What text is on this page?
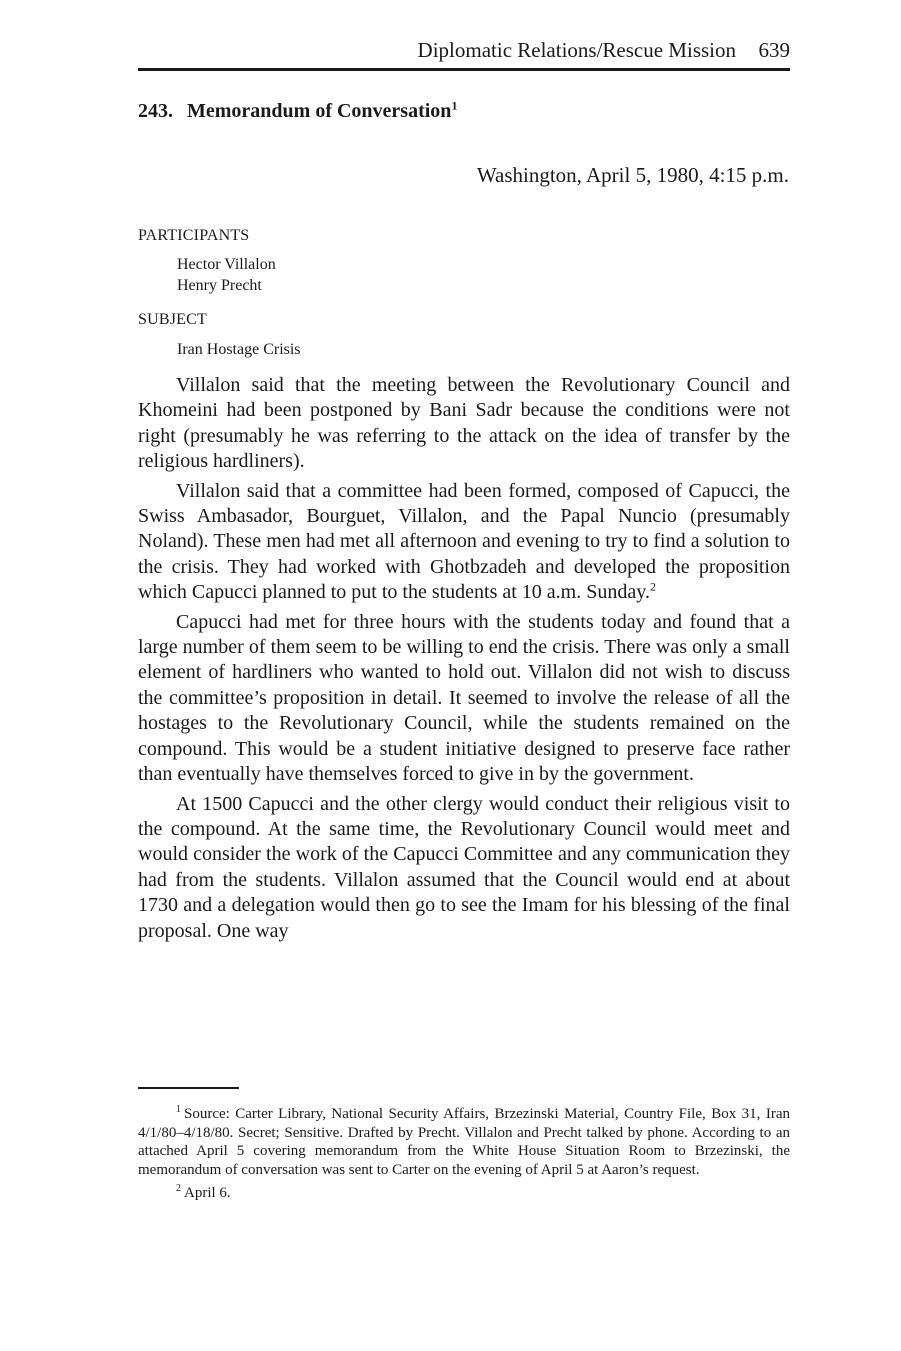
Diplomatic Relations/Rescue Mission 639
243. Memorandum of Conversation$^1$
Washington, April 5, 1980, 4:15 p.m.
PARTICIPANTS
Hector Villalon
Henry Precht
SUBJECT
Iran Hostage Crisis

Villalon said that the meeting between the Revolutionary Council and Khomeini had been postponed by Bani Sadr because the conditions were not right (presumably he was referring to the attack on the idea of transfer by the religious hardliners).

Villalon said that a committee had been formed, composed of Capucci, the Swiss Ambasador, Bourguet, Villalon, and the Papal Nuncio (presumably Noland). These men had met all afternoon and evening to try to find a solution to the crisis. They had worked with Ghotbzadeh and developed the proposition which Capucci planned to put to the students at 10 a.m. Sunday.$^2$

Capucci had met for three hours with the students today and found that a large number of them seem to be willing to end the crisis. There was only a small element of hardliners who wanted to hold out. Villalon did not wish to discuss the committee’s proposition in detail. It seemed to involve the release of all the hostages to the Revolutionary Council, while the students remained on the compound. This would be a student initiative designed to preserve face rather than eventually have themselves forced to give in by the government.

At 1500 Capucci and the other clergy would conduct their religious visit to the compound. At the same time, the Revolutionary Council would meet and would consider the work of the Capucci Committee and any communication they had from the students. Villalon assumed that the Council would end at about 1730 and a delegation would then go to see the Imam for his blessing of the final proposal. One way

$^1$ Source: Carter Library, National Security Affairs, Brzezinski Material, Country File, Box 31, Iran 4/1/80–4/18/80. Secret; Sensitive. Drafted by Precht. Villalon and Precht talked by phone. According to an attached April 5 covering memorandum from the White House Situation Room to Brzezinski, the memorandum of conversation was sent to Carter on the evening of April 5 at Aaron’s request.

$^2$ April 6.
